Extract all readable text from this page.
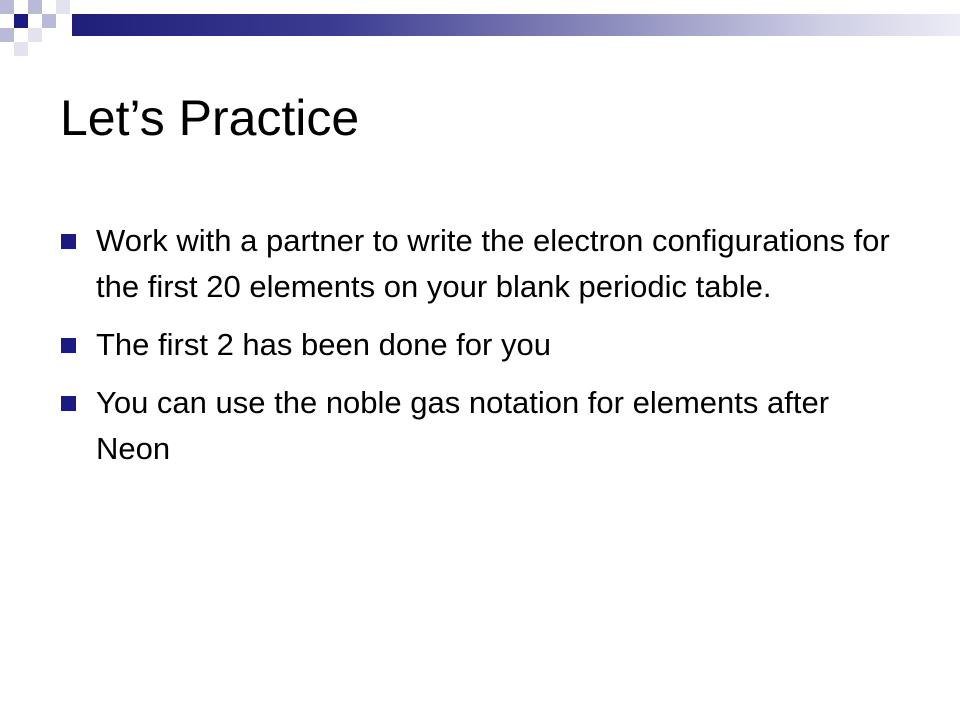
Let’s Practice
Work with a partner to write the electron configurations for the first 20 elements on your blank periodic table.
The first 2 has been done for you
You can use the noble gas notation for elements after Neon
